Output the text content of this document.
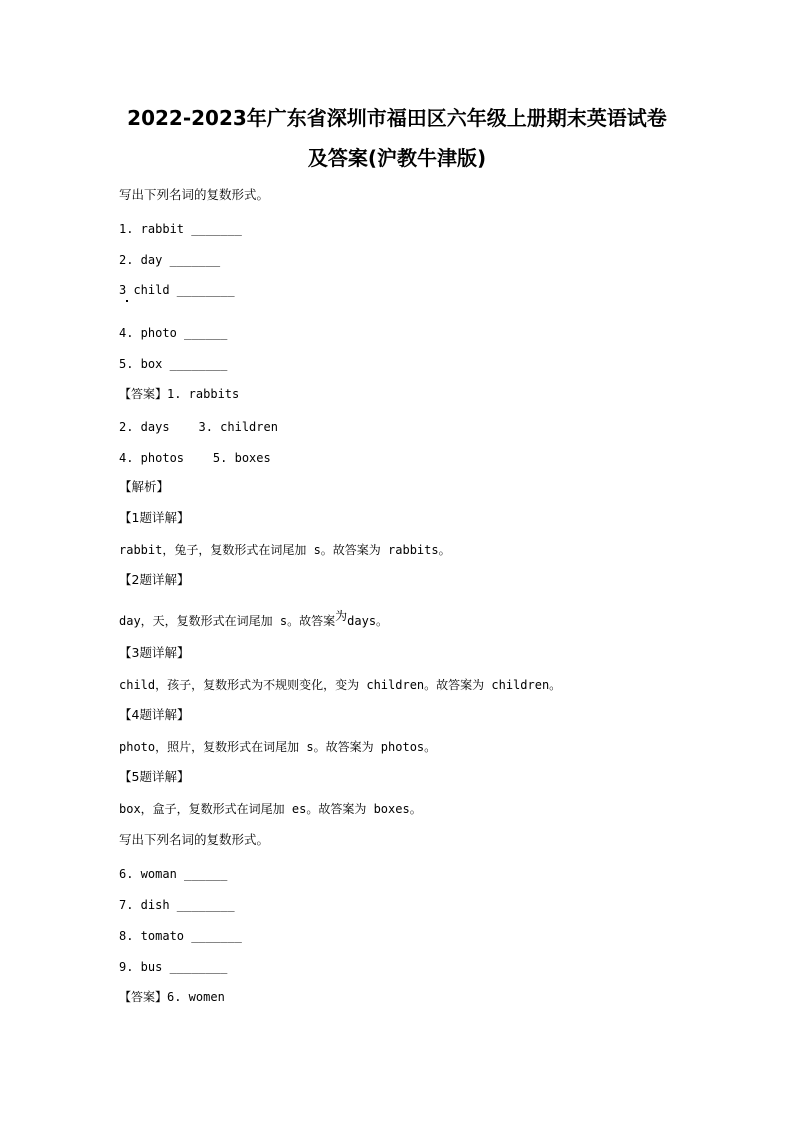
2022-2023年广东省深圳市福田区六年级上册期末英语试卷
及答案(沪教牛津版)
写出下列名词的复数形式。
1. rabbit _______
2. day _______
3 child ________
4. photo ______
5. box ________
【答案】1. rabbits
2. days    3. children
4. photos    5. boxes
【解析】
【1题详解】
rabbit，兔子，复数形式在词尾加 s。故答案为 rabbits。
【2题详解】
day，天，复数形式在词尾加 s。故答案为days。
【3题详解】
child，孩子，复数形式为不规则变化，变为 children。故答案为 children。
【4题详解】
photo，照片，复数形式在词尾加 s。故答案为 photos。
【5题详解】
box，盒子，复数形式在词尾加 es。故答案为 boxes。
写出下列名词的复数形式。
6. woman ______
7. dish ________
8. tomato _______
9. bus ________
【答案】6. women
